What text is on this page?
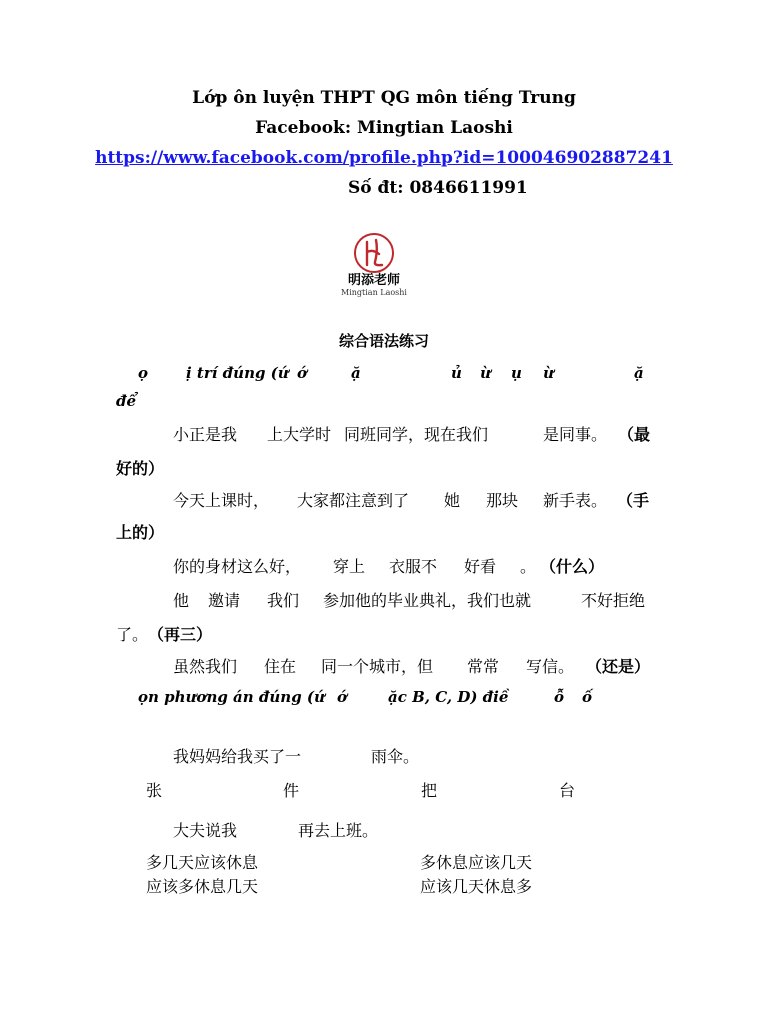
Lớp ôn luyện THPT QG môn tiếng Trung
Facebook: Mingtian Laoshi
https://www.facebook.com/profile.php?id=100046902887241
Số đt: 0846611991
明添老师
Mingtian Laoshi
综合语法练习
ọ	ị trí đúng (ứ ớ	ặ	ủ ừ ụ ừ	ặ
để
小正是我 上大学时 同班同学，现在我们	是同事。 （最
好的）
今天上课时， 大家都注意到了 她 那块 新手表。 （手
上的）
你的身材这么好， 穿上 衣服不 好看 。 （什么）
他 邀请 我们 参加他的毕业典礼，我们也就	不好拒绝
了。 （再三）
虽然我们 住在 同一个城市，但 常常 写信。 （还是）
ọn phương án đúng (ứ ớ	ặc B, C, D) điề	ỗ ố
我妈妈给我买了一	雨伞。
张	件	把	台
大夫说我	再去上班。
多几天应该休息	多休息应该几天
应该多休息几天	应该几天休息多
